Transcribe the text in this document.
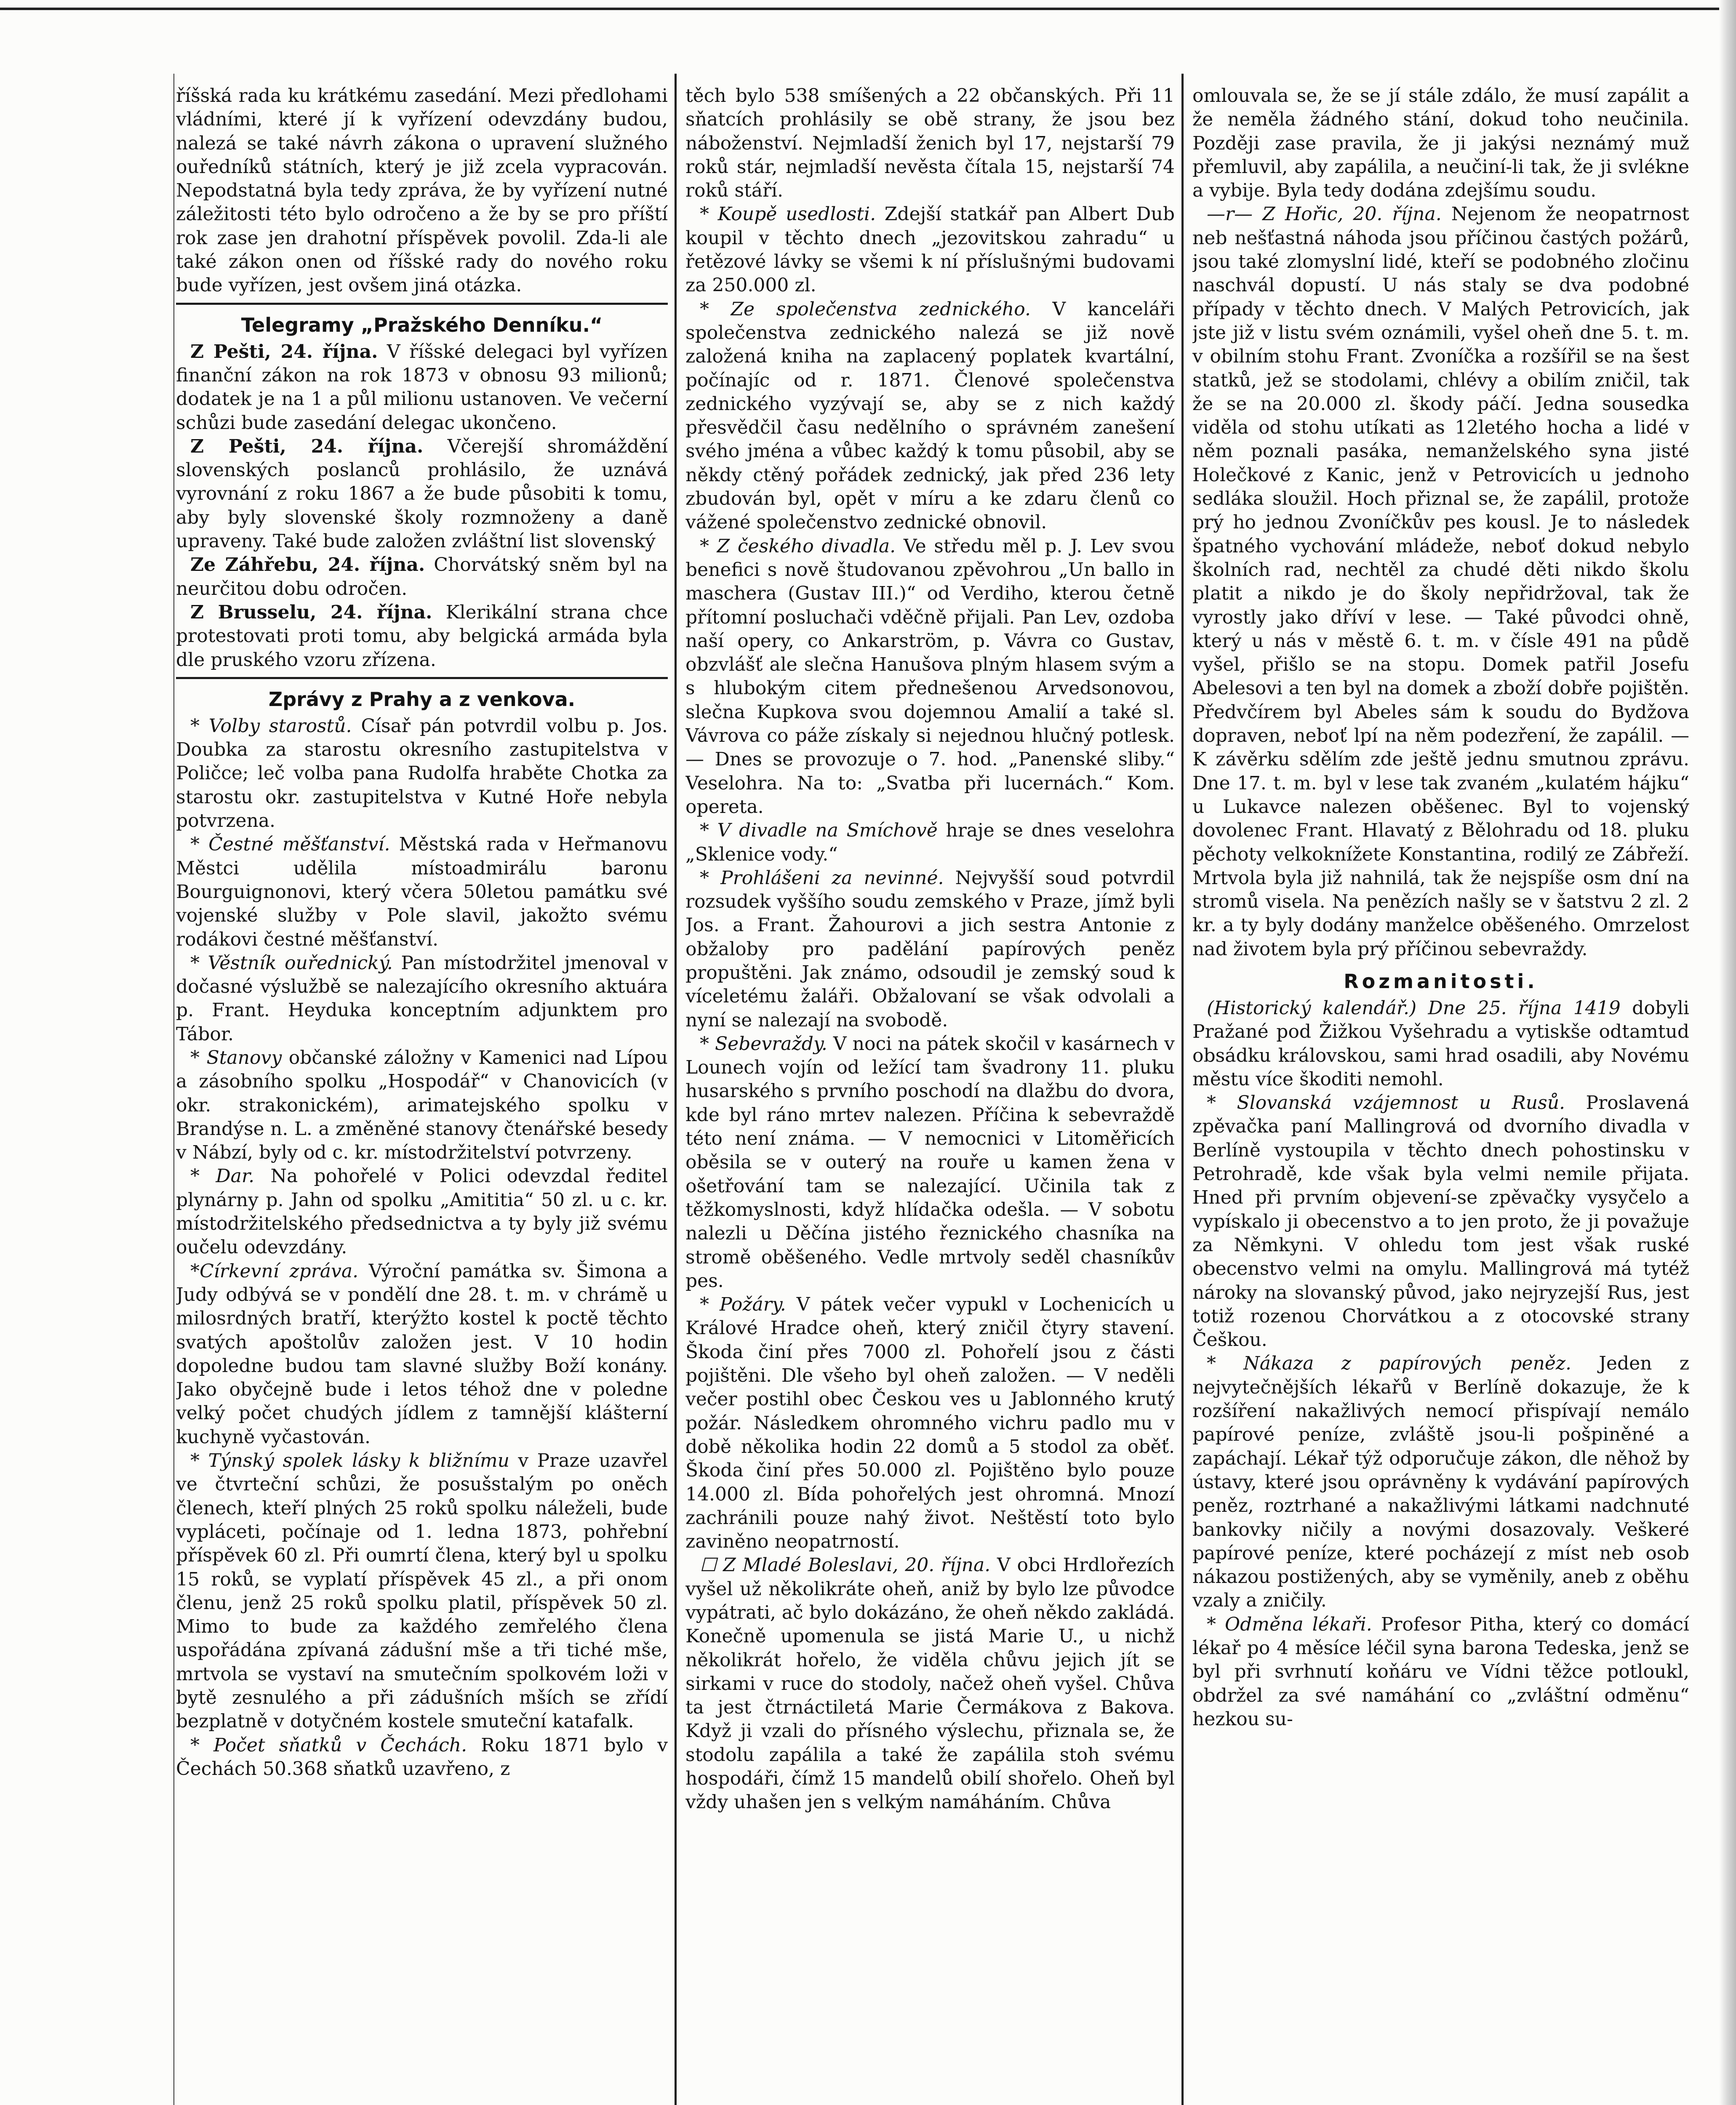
říšská rada ku krátkému zasedání. Mezi předlohami vládními, které jí k vyřízení odevzdány budou, nalezá se také návrh zákona o upravení služného ouředníků státních, který je již zcela vypracován. Nepodstatná byla tedy zpráva, že by vyřízení nutné záležitosti této bylo odročeno a že by se pro příští rok zase jen drahotní příspěvek povolil. Zda-li ale také zákon onen od říšské rady do nového roku bude vyřízen, jest ovšem jiná otázka.

Telegramy „Pražského Denníku.“

Z Pešti, 24. října. V říšské delegaci byl vyřízen finanční zákon na rok 1873 v obnosu 93 milionů; dodatek je na 1 a půl milionu ustanoven. Ve večerní schůzi bude zasedání delegac ukončeno.

Z Pešti, 24. října. Včerejší shromáždění slovenských poslanců prohlásilo, že uznává vyrovnání z roku 1867 a že bude působiti k tomu, aby byly slovenské školy rozmnoženy a daně upraveny. Také bude založen zvláštní list slovenský

Ze Záhřebu, 24. října. Chorvátský sněm byl na neurčitou dobu odročen.

Z Brusselu, 24. října. Klerikální strana chce protestovati proti tomu, aby belgická armáda byla dle pruského vzoru zřízena.

Zprávy z Prahy a z venkova.

* Volby starostů. Císař pán potvrdil volbu p. Jos. Doubka za starostu okresního zastupitelstva v Poličce; leč volba pana Rudolfa hraběte Chotka za starostu okr. zastupitelstva v Kutné Hoře nebyla potvrzena.

* Čestné měšťanství. Městská rada v Heřmanovu Městci udělila místoadmirálu baronu Bourguignonovi, který včera 50letou památku své vojenské služby v Pole slavil, jakožto svému rodákovi čestné měšťanství.

* Věstník ouřednický. Pan místodržitel jmenoval v dočasné výslužbě se nalezajícího okresního aktuára p. Frant. Heyduka konceptním adjunktem pro Tábor.

* Stanovy občanské záložny v Kamenici nad Lípou a zásobního spolku „Hospodář“ v Chanovicích (v okr. strakonickém), arimatejského spolku v Brandýse n. L. a změněné stanovy čtenářské besedy v Nábzí, byly od c. kr. místodržitelství potvrzeny.

* Dar. Na pohořelé v Polici odevzdal ředitel plynárny p. Jahn od spolku „Amititia“ 50 zl. u c. kr. místodržitelského předsednictva a ty byly již svému oučelu odevzdány.

*Církevní zpráva. Výroční památka sv. Šimona a Judy odbývá se v pondělí dne 28. t. m. v chrámě u milosrdných bratří, kterýžto kostel k poctě těchto svatých apoštolův založen jest. V 10 hodin dopoledne budou tam slavné služby Boží konány. Jako obyčejně bude i letos téhož dne v poledne velký počet chudých jídlem z tamnější klášterní kuchyně vyčastován.

* Týnský spolek lásky k bližnímu v Praze uzavřel ve čtvrteční schůzi, že posušstalým po oněch členech, kteří plných 25 roků spolku náleželi, bude vypláceti, počínaje od 1. ledna 1873, pohřební příspěvek 60 zl. Při oumrtí člena, který byl u spolku 15 roků, se vyplatí příspěvek 45 zl., a při onom členu, jenž 25 roků spolku platil, příspěvek 50 zl. Mimo to bude za každého zemřelého člena uspořádána zpívaná zádušní mše a tři tiché mše, mrtvola se vystaví na smutečním spolkovém loži v bytě zesnulého a při zádušních mších se zřídí bezplatně v dotyčném kostele smuteční katafalk.

* Počet sňatků v Čechách. Roku 1871 bylo v Čechách 50.368 sňatků uzavřeno, z

těch bylo 538 smíšených a 22 občanských. Při 11 sňatcích prohlásily se obě strany, že jsou bez náboženství. Nejmladší ženich byl 17, nejstarší 79 roků stár, nejmladší nevěsta čítala 15, nejstarší 74 roků stáří.

* Koupě usedlosti. Zdejší statkář pan Albert Dub koupil v těchto dnech „jezovitskou zahradu“ u řetězové lávky se všemi k ní příslušnými budovami za 250.000 zl.

* Ze společenstva zednického. V kanceláři společenstva zednického nalezá se již nově založená kniha na zaplacený poplatek kvartální, počínajíc od r. 1871. Členové společenstva zednického vyzývají se, aby se z nich každý přesvědčil času nedělního o správném zanešení svého jména a vůbec každý k tomu působil, aby se někdy ctěný pořádek zednický, jak před 236 lety zbudován byl, opět v míru a ke zdaru členů co vážené společenstvo zednické obnovil.

* Z českého divadla. Ve středu měl p. J. Lev svou benefici s nově študovanou zpěvohrou „Un ballo in maschera (Gustav III.)“ od Verdiho, kterou četně přítomní posluchači vděčně přijali. Pan Lev, ozdoba naší opery, co Ankarström, p. Vávra co Gustav, obzvlášť ale slečna Hanušova plným hlasem svým a s hlubokým citem přednešenou Arvedsonovou, slečna Kupkova svou dojemnou Amalií a také sl. Vávrova co páže získaly si nejednou hlučný potlesk. — Dnes se provozuje o 7. hod. „Panenské sliby.“ Veselohra. Na to: „Svatba při lucernách.“ Kom. opereta.

* V divadle na Smíchově hraje se dnes veselohra „Sklenice vody.“

* Prohlášeni za nevinné. Nejvyšší soud potvrdil rozsudek vyššího soudu zemského v Praze, jímž byli Jos. a Frant. Žahourovi a jich sestra Antonie z obžaloby pro padělání papírových peněz propuštěni. Jak známo, odsoudil je zemský soud k víceletému žaláři. Obžalovaní se však odvolali a nyní se nalezají na svobodě.

* Sebevraždy. V noci na pátek skočil v kasárnech v Lounech vojín od ležící tam švadrony 11. pluku husarského s prvního poschodí na dlažbu do dvora, kde byl ráno mrtev nalezen. Příčina k sebevraždě této není známa. — V nemocnici v Litoměřicích oběsila se v outerý na rouře u kamen žena v ošetřování tam se nalezající. Učinila tak z těžkomyslnosti, když hlídačka odešla. — V sobotu nalezli u Děčína jistého řeznického chasníka na stromě oběšeného. Vedle mrtvoly seděl chasníkův pes.

* Požáry. V pátek večer vypukl v Lochenicích u Králové Hradce oheň, který zničil čtyry stavení. Škoda činí přes 7000 zl. Pohořelí jsou z části pojištěni. Dle všeho byl oheň založen. — V neděli večer postihl obec Českou ves u Jablonného krutý požár. Následkem ohromného vichru padlo mu v době několika hodin 22 domů a 5 stodol za oběť. Škoda činí přes 50.000 zl. Pojištěno bylo pouze 14.000 zl. Bída pohořelých jest ohromná. Mnozí zachránili pouze nahý život. Neštěstí toto bylo zaviněno neopatrností.

☐ Z Mladé Boleslavi, 20. října. V obci Hrdlořezích vyšel už několikráte oheň, aniž by bylo lze původce vypátrati, ač bylo dokázáno, že oheň někdo zakládá. Konečně upomenula se jistá Marie U., u nichž několikrát hořelo, že viděla chůvu jejich jít se sirkami v ruce do stodoly, načež oheň vyšel. Chůva ta jest čtrnáctiletá Marie Čermákova z Bakova. Když ji vzali do přísného výslechu, přiznala se, že stodolu zapálila a také že zapálila stoh svému hospodáři, čímž 15 mandelů obilí shořelo. Oheň byl vždy uhašen jen s velkým namáháním. Chůva

omlouvala se, že se jí stále zdálo, že musí zapálit a že neměla žádného stání, dokud toho neučinila. Později zase pravila, že ji jakýsi neznámý muž přemluvil, aby zapálila, a neučiní-li tak, že ji svlékne a vybije. Byla tedy dodána zdejšímu soudu.

—r— Z Hořic, 20. října. Nejenom že neopatrnost neb nešťastná náhoda jsou příčinou častých požárů, jsou také zlomyslní lidé, kteří se podobného zločinu naschvál dopustí. U nás staly se dva podobné případy v těchto dnech. V Malých Petrovicích, jak jste již v listu svém oznámili, vyšel oheň dne 5. t. m. v obilním stohu Frant. Zvoníčka a rozšířil se na šest statků, jež se stodolami, chlévy a obilím zničil, tak že se na 20.000 zl. škody páčí. Jedna sousedka viděla od stohu utíkati as 12letého hocha a lidé v něm poznali pasáka, nemanželského syna jisté Holečkové z Kanic, jenž v Petrovicích u jednoho sedláka sloužil. Hoch přiznal se, že zapálil, protože prý ho jednou Zvoníčkův pes kousl. Je to následek špatného vychování mládeže, neboť dokud nebylo školních rad, nechtěl za chudé děti nikdo školu platit a nikdo je do školy nepřidržoval, tak že vyrostly jako dříví v lese. — Také původci ohně, který u nás v městě 6. t. m. v čísle 491 na půdě vyšel, přišlo se na stopu. Domek patřil Josefu Abelesovi a ten byl na domek a zboží dobře pojištěn. Předvčírem byl Abeles sám k soudu do Bydžova dopraven, neboť lpí na něm podezření, že zapálil. — K závěrku sdělím zde ještě jednu smutnou zprávu. Dne 17. t. m. byl v lese tak zvaném „kulatém hájku“ u Lukavce nalezen oběšenec. Byl to vojenský dovolenec Frant. Hlavatý z Bělohradu od 18. pluku pěchoty velkoknížete Konstantina, rodilý ze Zábřeží. Mrtvola byla již nahnilá, tak že nejspíše osm dní na stromů visela. Na penězích našly se v šatstvu 2 zl. 2 kr. a ty byly dodány manželce oběšeného. Omrzelost nad životem byla prý příčinou sebevraždy.

Rozmanitosti.

(Historický kalendář.) Dne 25. října 1419 dobyli Pražané pod Žižkou Vyšehradu a vytiskše odtamtud obsádku královskou, sami hrad osadili, aby Novému městu více škoditi nemohl.

* Slovanská vzájemnost u Rusů. Proslavená zpěvačka paní Mallingrová od dvorního divadla v Berlíně vystoupila v těchto dnech pohostinsku v Petrohradě, kde však byla velmi nemile přijata. Hned při prvním objevení-se zpěvačky vysyčelo a vypískalo ji obecenstvo a to jen proto, že ji považuje za Němkyni. V ohledu tom jest však ruské obecenstvo velmi na omylu. Mallingrová má tytéž nároky na slovanský původ, jako nejryzejší Rus, jest totiž rozenou Chorvátkou a z otocovské strany Češkou.

* Nákaza z papírových peněz. Jeden z nejvytečnějších lékařů v Berlíně dokazuje, že k rozšíření nakažlivých nemocí přispívají nemálo papírové peníze, zvláště jsou-li pošpiněné a zapáchají. Lékař týž odporučuje zákon, dle něhož by ústavy, které jsou oprávněny k vydávání papírových peněz, roztrhané a nakažlivými látkami nadchnuté bankovky ničily a novými dosazovaly. Veškeré papírové peníze, které pocházejí z míst neb osob nákazou postižených, aby se vyměnily, aneb z oběhu vzaly a zničily.

* Odměna lékaři. Profesor Pitha, který co domácí lékař po 4 měsíce léčil syna barona Tedeska, jenž se byl při svrhnutí koňáru ve Vídni těžce potloukl, obdržel za své namáhání co „zvláštní odměnu“ hezkou su-
